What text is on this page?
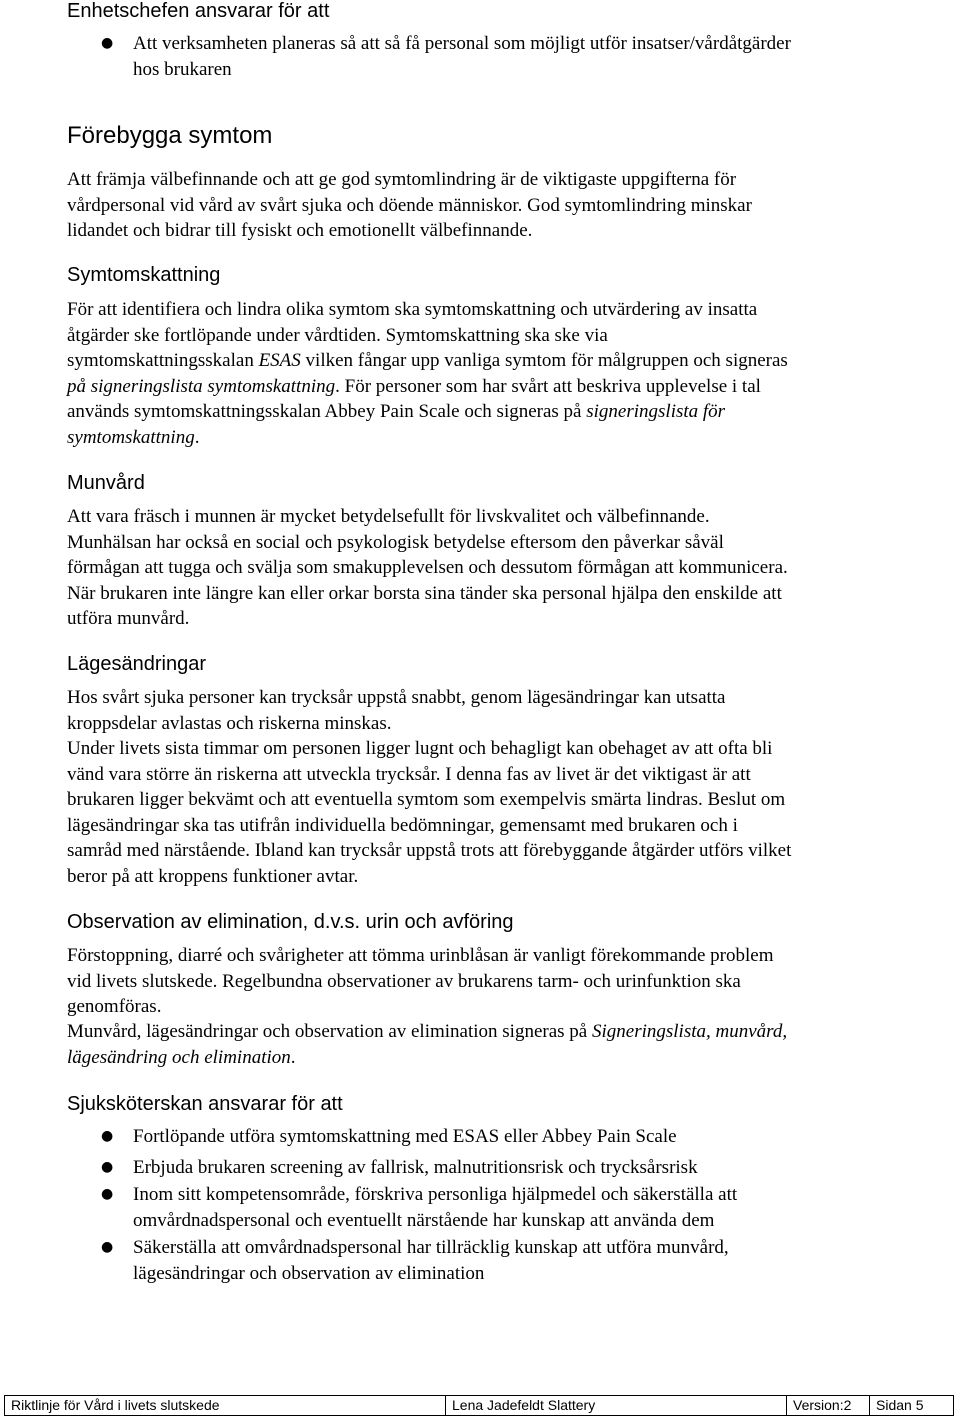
Enhetschefen ansvarar för att
● Att verksamheten planeras så att så få personal som möjligt utför insatser/vårdåtgärder
hos brukaren
Förebygga symtom

Att främja välbefinnande och att ge god symtomlindring är de viktigaste uppgifterna för
vårdpersonal vid vård av svårt sjuka och döende människor. God symtomlindring minskar
lidandet och bidrar till fysiskt och emotionellt välbefinnande.

Symtomskattning

För att identifiera och lindra olika symtom ska symtomskattning och utvärdering av insatta
åtgärder ske fortlöpande under vårdtiden. Symtomskattning ska ske via
symtomskattningsskalan ESAS vilken fångar upp vanliga symtom för målgruppen och signeras
på signeringslista symtomskattning. För personer som har svårt att beskriva upplevelse i tal
används symtomskattningsskalan Abbey Pain Scale och signeras på signeringslista för
symtomskattning.

Munvård

Att vara fräsch i munnen är mycket betydelsefullt för livskvalitet och välbefinnande.
Munhälsan har också en social och psykologisk betydelse eftersom den påverkar såväl
förmågan att tugga och svälja som smakupplevelsen och dessutom förmågan att kommunicera.
När brukaren inte längre kan eller orkar borsta sina tänder ska personal hjälpa den enskilde att
utföra munvård.

Lägesändringar

Hos svårt sjuka personer kan trycksår uppstå snabbt, genom lägesändringar kan utsatta
kroppsdelar avlastas och riskerna minskas.

Under livets sista timmar om personen ligger lugnt och behagligt kan obehaget av att ofta bli
vänd vara större än riskerna att utveckla trycksår. I denna fas av livet är det viktigast är att
brukaren ligger bekvämt och att eventuella symtom som exempelvis smärta lindras. Beslut om
lägesändringar ska tas utifrån individuella bedömningar, gemensamt med brukaren och i
samråd med närstående. Ibland kan trycksår uppstå trots att förebyggande åtgärder utförs vilket
beror på att kroppens funktioner avtar.

Observation av elimination, d.v.s. urin och avföring

Förstoppning, diarré och svårigheter att tömma urinblåsan är vanligt förekommande problem
vid livets slutskede. Regelbundna observationer av brukarens tarm- och urinfunktion ska
genomföras.

Munvård, lägesändringar och observation av elimination signeras på Signeringslista, munvård,
lägesändring och elimination.

Sjuksköterskan ansvarar för att
● Fortlöpande utföra symtomskattning med ESAS eller Abbey Pain Scale
● Erbjuda brukaren screening av fallrisk, malnutritionsrisk och trycksårsrisk
● Inom sitt kompetensområde, förskriva personliga hjälpmedel och säkerställa att
omvårdnadspersonal och eventuellt närstående har kunskap att använda dem
● Säkerställa att omvårdnadspersonal har tillräcklig kunskap att utföra munvård,
lägesändringar och observation av elimination
Riktlinje för Vård i livets slutskede	Lena Jadefeldt Slattery	Version:2	Sidan 5
